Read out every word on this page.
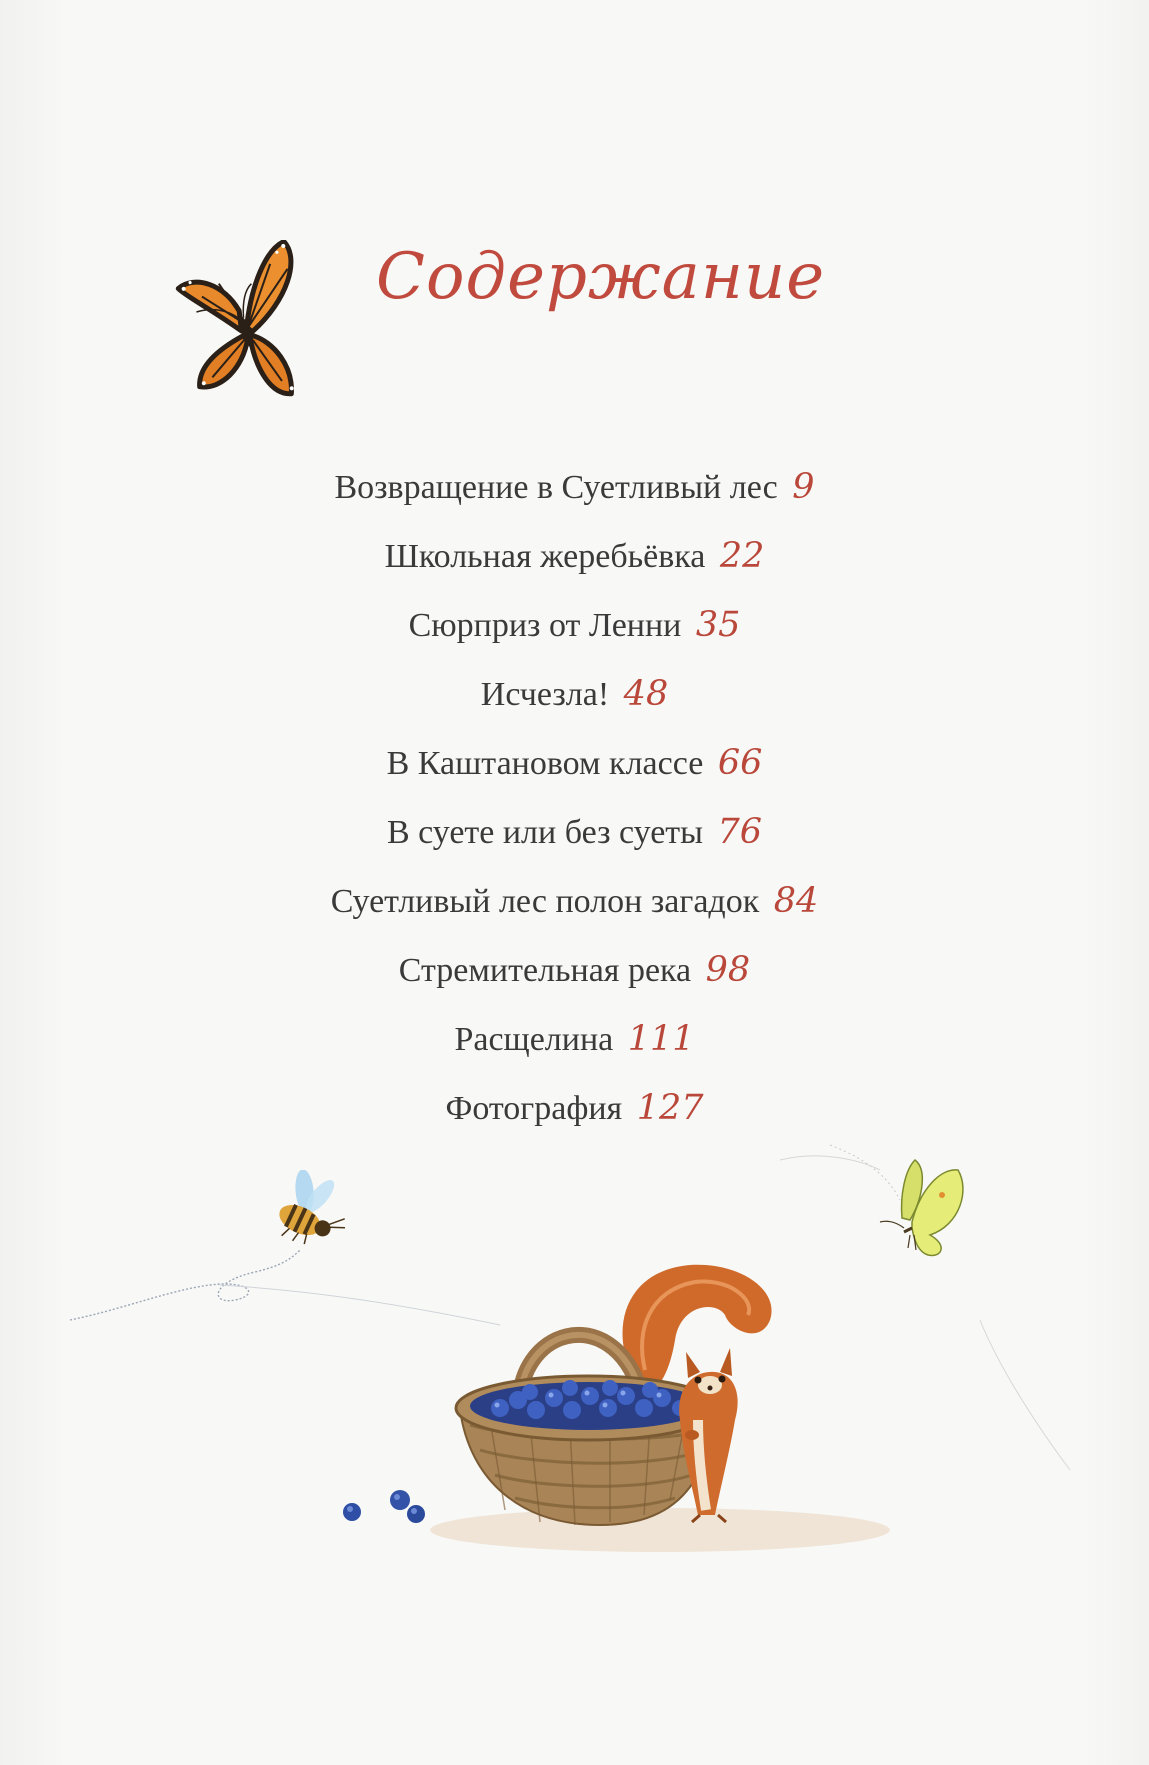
Содержание
Возвращение в Суетливый лес 9
Школьная жеребьёвка 22
Сюрприз от Ленни 35
Исчезла! 48
В Каштановом классе 66
В суете или без суеты 76
Суетливый лес полон загадок 84
Стремительная река 98
Расщелина 111
Фотография 127
